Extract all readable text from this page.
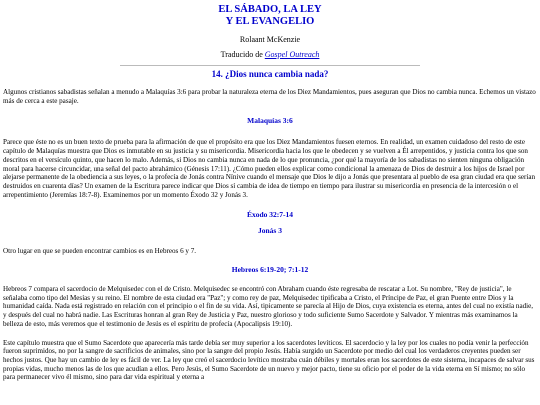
EL SÁBADO, LA LEY
Y EL EVANGELIO
Rolaant McKenzie
Traducido de Gospel Outreach
14. ¿Dios nunca cambia nada?

Algunos cristianos sabadistas señalan a menudo a Malaquías 3:6 para probar la naturaleza eterna de los Diez Mandamientos, pues aseguran que Dios no cambia nunca. Echemos un vistazo más de cerca a este pasaje.

Malaquías 3:6

Parece que éste no es un buen texto de prueba para la afirmación de que el propósito era que los Diez Mandamientos fuesen eternos. En realidad, un examen cuidadoso del resto de este capítulo de Malaquías muestra que Dios es inmutable en su justicia y su misericordia. Misericordia hacia los que le obedecen y se vuelven a Él arrepentidos, y justicia contra los que son descritos en el versículo quinto, que hacen lo malo. Además, si Dios no cambia nunca en nada de lo que pronuncia, ¿por qué la mayoría de los sabadistas no sienten ninguna obligación moral para hacerse circuncidar, una señal del pacto abrahámico (Génesis 17:11). ¿Cómo pueden ellos explicar como condicional la amenaza de Dios de destruir a los hijos de Israel por alejarse permanente de la obediencia a sus leyes, o la profecía de Jonás contra Nínive cuando el mensaje que Dios le dijo a Jonás que presentara al pueblo de esa gran ciudad era que serían destruidos en cuarenta días? Un examen de la Escritura parece indicar que Dios sí cambia de idea de tiempo en tiempo para ilustrar su misericordia en presencia de la intercesión o el arrepentimiento (Jeremías 18:7-8). Examinemos por un momento Éxodo 32 y Jonás 3.

Éxodo 32:7-14
Jonás 3

Otro lugar en que se pueden encontrar cambios es en Hebreos 6 y 7.

Hebreos 6:19-20; 7:1-12

Hebreos 7 compara el sacerdocio de Melquisedec con el de Cristo. Melquisedec se encontró con Abraham cuando éste regresaba de rescatar a Lot. Su nombre, "Rey de justicia", le señalaba como tipo del Mesías y su reino. El nombre de esta ciudad era "Paz"; y como rey de paz, Melquisedec tipificaba a Cristo, el Príncipe de Paz, el gran Puente entre Dios y la humanidad caída. Nada está registrado en relación con el principio o el fin de su vida. Así, tipicamente se parecía al Hijo de Dios, cuya existencia es eterna, antes del cual no existía nadie, y después del cual no habrá nadie. Las Escrituras honran al gran Rey de Justicia y Paz, nuestro glorioso y todo suficiente Sumo Sacerdote y Salvador. Y mientras más examinamos la belleza de esto, más veremos que el testimonio de Jesús es el espíritu de profecía (Apocalipsis 19:10).

Este capítulo muestra que el Sumo Sacerdote que aparecería más tarde debía ser muy superior a los sacerdotes levíticos. El sacerdocio y la ley por los cuales no podía venir la perfección fueron suprimidos, no por la sangre de sacrificios de animales, sino por la sangre del propio Jesús. Había surgido un Sacerdote por medio del cual los verdaderos creyentes pueden ser hechos justos. Que hay un cambio de ley es fácil de ver. La ley que creó el sacerdocio levítico mostraba cuán débiles y mortales eran los sacerdotes de este sistema, incapaces de salvar sus propias vidas, mucho menos las de los que acudían a ellos. Pero Jesús, el Sumo Sacerdote de un nuevo y mejor pacto, tiene su oficio por el poder de la vida eterna en Sí mismo; no sólo para permanecer vivo él mismo, sino para dar vida espiritual y eterna a
